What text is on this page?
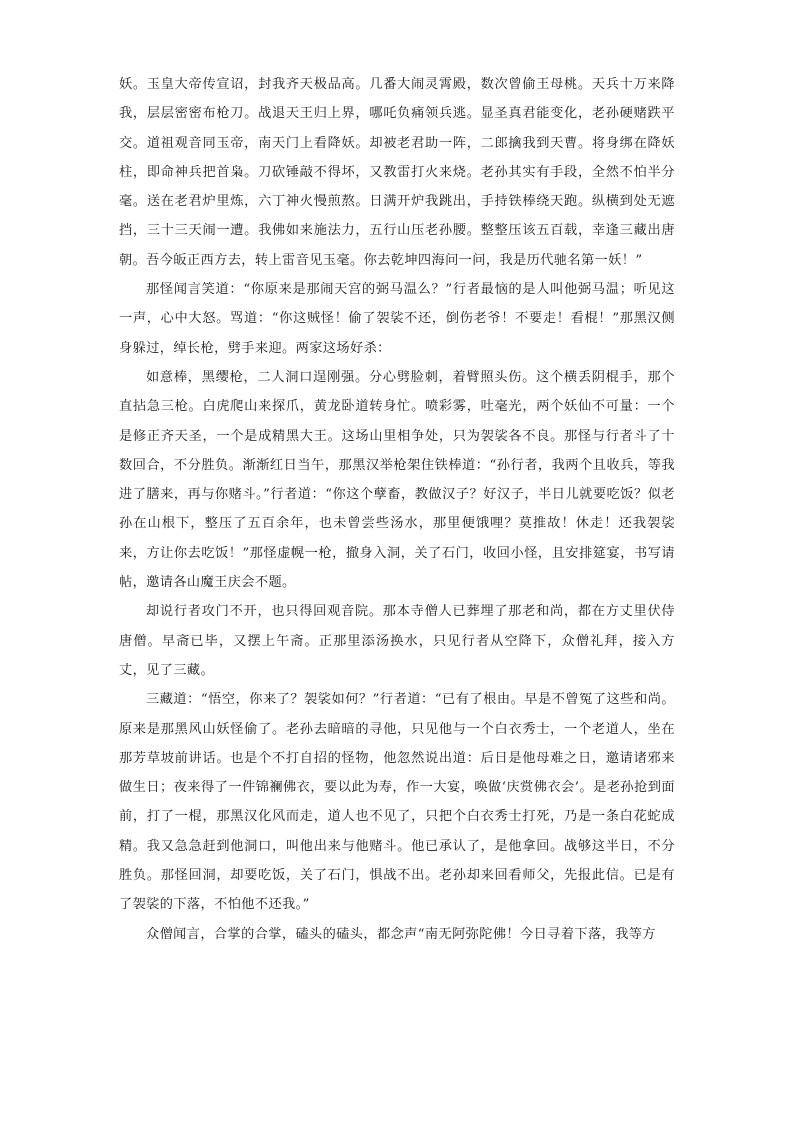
妖。玉皇大帝传宣诏，封我齐天极品高。几番大闹灵霄殿，数次曾偷王母桃。天兵十万来降我，层层密密布枪刀。战退天王归上界，哪吒负痛领兵逃。显圣真君能变化，老孙硬赌跌平交。道祖观音同玉帝，南天门上看降妖。却被老君助一阵，二郎擒我到天曹。将身绑在降妖柱，即命神兵把首枭。刀砍锤敲不得坏，又教雷打火来烧。老孙其实有手段，全然不怕半分毫。送在老君炉里炼，六丁神火慢煎熬。日满开炉我跳出，手持铁棒绕天跑。纵横到处无遮挡，三十三天闹一遭。我佛如来施法力，五行山压老孙腰。整整压该五百载，幸逢三藏出唐朝。吾今皈正西方去，转上雷音见玉毫。你去乾坤四海问一问，我是历代驰名第一妖！”

那怪闻言笑道：“你原来是那闹天宫的弼马温么？”行者最恼的是人叫他弼马温；听见这一声，心中大怒。骂道：“你这贼怪！偷了袈裟不还，倒伤老爷！不要走！看棍！”那黑汉侧身躲过，绰长枪，劈手来迎。两家这场好杀：

如意棒，黑缨枪，二人洞口逞刚强。分心劈脸刺，着臂照头伤。这个横丢阴棍手，那个直拈急三枪。白虎爬山来探爪，黄龙卧道转身忙。喷彩雾，吐毫光，两个妖仙不可量：一个是修正齐天圣，一个是成精黑大王。这场山里相争处，只为袈裟各不良。那怪与行者斗了十数回合，不分胜负。渐渐红日当午，那黑汉举枪架住铁棒道：“孙行者，我两个且收兵，等我进了膳来，再与你赌斗。”行者道：“你这个孽畜，教做汉子？好汉子，半日儿就要吃饭？似老孙在山根下，整压了五百余年，也未曾尝些汤水，那里便饿哩？莫推故！休走！还我袈裟来，方让你去吃饭！”那怪虚幌一枪，撤身入洞，关了石门，收回小怪，且安排筵宴，书写请帖，邀请各山魔王庆会不题。

却说行者攻门不开，也只得回观音院。那本寺僧人已葬埋了那老和尚，都在方丈里伏侍唐僧。早斋已毕，又摆上午斋。正那里添汤换水，只见行者从空降下，众僧礼拜，接入方丈，见了三藏。

三藏道：“悟空，你来了？袈裟如何？”行者道：“已有了根由。早是不曾冤了这些和尚。原来是那黑风山妖怪偷了。老孙去暗暗的寻他，只见他与一个白衣秀士，一个老道人，坐在那芳草坡前讲话。也是个不打自招的怪物，他忽然说出道：后日是他母难之日，邀请诸邪来做生日；夜来得了一件锦襕佛衣，要以此为寿，作一大宴，唤做‘庆赏佛衣会’。是老孙抢到面前，打了一棍，那黑汉化风而走，道人也不见了，只把个白衣秀士打死，乃是一条白花蛇成精。我又急急赶到他洞口，叫他出来与他赌斗。他已承认了，是他拿回。战够这半日，不分胜负。那怪回洞，却要吃饭，关了石门，惧战不出。老孙却来回看师父，先报此信。已是有了袈裟的下落，不怕他不还我。”

众僧闻言，合掌的合掌，磕头的磕头，都念声“南无阿弥陀佛！今日寻着下落，我等方
